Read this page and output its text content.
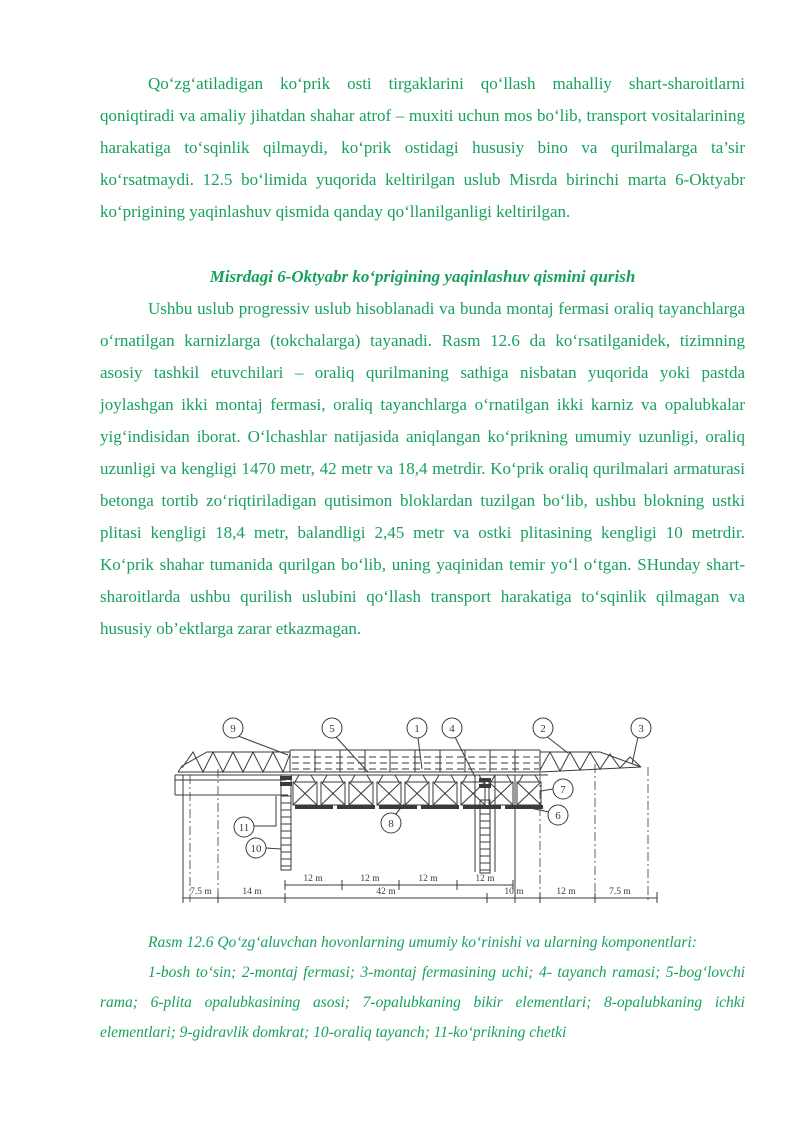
Qo‘zg‘atiladigan ko‘prik osti tirgaklarini qo‘llash mahalliy shart-sharoitlarni qoniqtiradi va amaliy jihatdan shahar atrof – muxiti uchun mos bo‘lib, transport vositalarining harakatiga to‘sqinlik qilmaydi, ko‘prik ostidagi hususiy bino va qurilmalarga ta’sir ko‘rsatmaydi. 12.5 bo‘limida yuqorida keltirilgan uslub Misrda birinchi marta 6-Oktyabr ko‘prigining yaqinlashuv qismida qanday qo‘llanilganligi keltirilgan.

Misrdagi 6-Oktyabr ko‘prigining yaqinlashuv qismini qurish

Ushbu uslub progressiv uslub hisoblanadi va bunda montaj fermasi oraliq tayanchlarga o‘rnatilgan karnizlarga (tokchalarga) tayanadi. Rasm 12.6 da ko‘rsatilganidek, tizimning asosiy tashkil etuvchilari – oraliq qurilmaning sathiga nisbatan yuqorida yoki pastda joylashgan ikki montaj fermasi, oraliq tayanchlarga o‘rnatilgan ikki karniz va opalubkalar yig‘indisidan iborat. O‘lchashlar natijasida aniqlangan ko‘prikning umumiy uzunligi, oraliq uzunligi va kengligi 1470 metr, 42 metr va 18,4 metrdir. Ko‘prik oraliq qurilmalari armaturasi betonga tortib zo‘riqtiriladigan qutisimon bloklardan tuzilgan bo‘lib, ushbu blokning ustki plitasi kengligi 18,4 metr, balandligi 2,45 metr va ostki plitasining kengligi 10 metrdir. Ko‘prik shahar tumanida qurilgan bo‘lib, uning yaqinidan temir yo‘l o‘tgan. SHunday shart-sharoitlarda ushbu qurilish uslubini qo‘llash transport harakatiga to‘sqinlik qilmagan va hususiy ob’ektlarga zarar etkazmagan.

12 m	12 m	12 m	12 m
7.5 m	14 m	42 m	10 m	12 m	7.5 m
9	5	1	4	2	3
7
6
8
11
10

Rasm 12.6 Qo‘zg‘aluvchan hovonlarning umumiy ko‘rinishi va ularning komponentlari:

1-bosh to‘sin; 2-montaj fermasi; 3-montaj fermasining uchi; 4- tayanch ramasi; 5-bog‘lovchi rama; 6-plita opalubkasining asosi; 7-opalubkaning bikir elementlari; 8-opalubkaning ichki elementlari; 9-gidravlik domkrat; 10-oraliq tayanch; 11-ko‘prikning chetki
